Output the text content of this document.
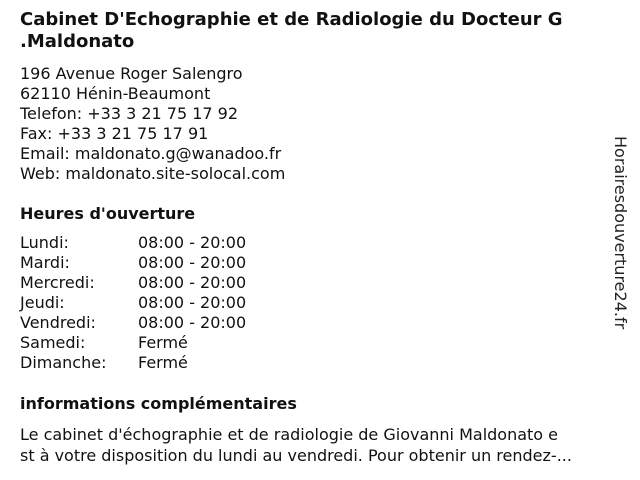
Cabinet D'Echographie et de Radiologie du Docteur G
.Maldonato
196 Avenue Roger Salengro
62110 Hénin-Beaumont
Telefon: +33 3 21 75 17 92
Fax: +33 3 21 75 17 91
Email: maldonato.g@wanadoo.fr
Web: maldonato.site-solocal.com
Heures d'ouverture
Lundi:	08:00 - 20:00
Mardi:	08:00 - 20:00
Mercredi:	08:00 - 20:00
Jeudi:	08:00 - 20:00
Vendredi:	08:00 - 20:00
Samedi:	Fermé
Dimanche: Fermé
informations complémentaires
Le cabinet d'échographie et de radiologie de Giovanni Maldonato e
st à votre disposition du lundi au vendredi. Pour obtenir un rendez-...
Horairesdouverture24.fr
